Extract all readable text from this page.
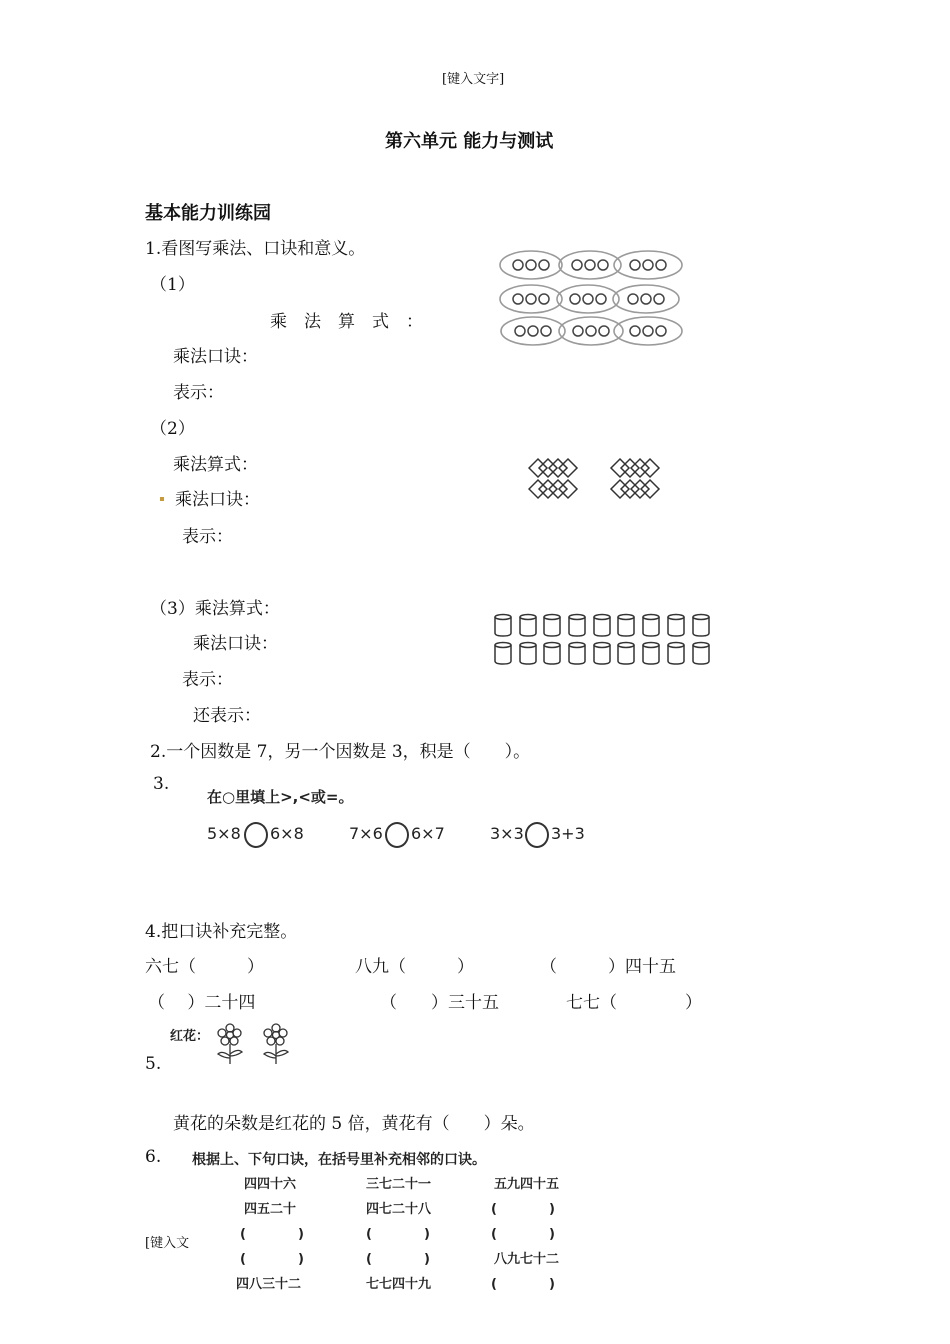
[键入文字]
第六单元 能力与测试
基本能力训练园
1.看图写乘法、口诀和意义。
（1）
乘　法　算　式　：
乘法口诀：
表示：
（2）
乘法算式：
乘法口诀：
表示：
（3）乘法算式：
乘法口诀：
表示：
还表示：
2.一个因数是 7，另一个因数是 3，积是（　　）。
3.
在○里填上>,<或=。
5×8 6×8	7×6 6×7	3×3 3+3
4.把口诀补充完整。
六七（　　　）	八九（　　　）	（　　　）四十五
（　 ）二十四	（　　）三十五	七七（　　　　）
红花：
5.
黄花的朵数是红花的 5 倍，黄花有（　　）朵。
6. 根据上、下句口诀，在括号里补充相邻的口诀。
四四十六	三七二十一	五九四十五
四五二十	四七二十八	(　　　　)
(　　　　)	(　　　　)	(　　　　)
(　　　　)	(　　　　)	八九七十二
四八三十二	七七四十九	(　　　　)
[键入文
